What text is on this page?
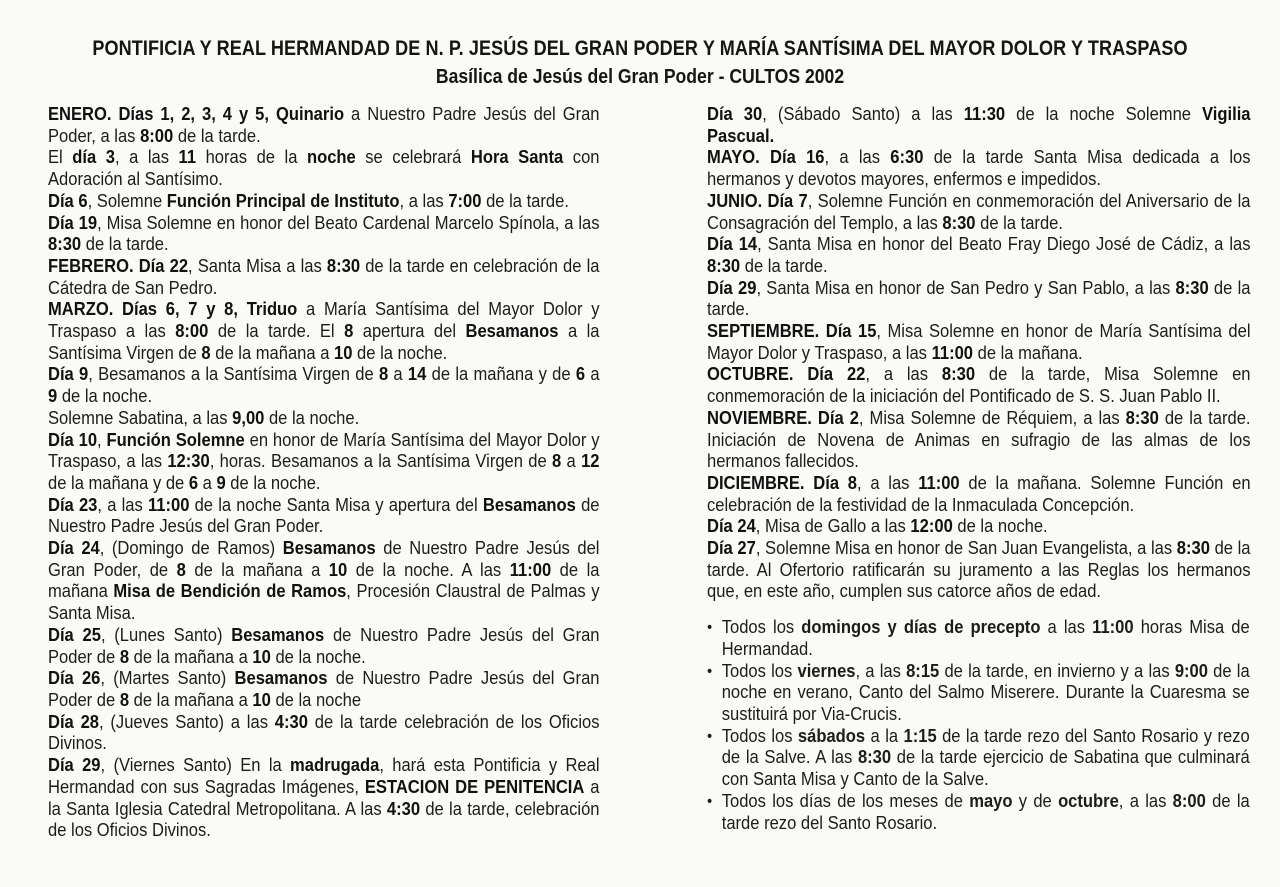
PONTIFICIA Y REAL HERMANDAD DE N. P. JESÚS DEL GRAN PODER Y MARÍA SANTÍSIMA DEL MAYOR DOLOR Y TRASPASO
Basílica de Jesús del Gran Poder - CULTOS 2002

ENERO. Días 1, 2, 3, 4 y 5, Quinario a Nuestro Padre Jesús del Gran Poder, a las 8:00 de la tarde.

El día 3, a las 11 horas de la noche se celebrará Hora Santa con Adoración al Santísimo.

Día 6, Solemne Función Principal de Instituto, a las 7:00 de la tarde.

Día 19, Misa Solemne en honor del Beato Cardenal Marcelo Spínola, a las 8:30 de la tarde.

FEBRERO. Día 22, Santa Misa a las 8:30 de la tarde en celebración de la Cátedra de San Pedro.

MARZO. Días 6, 7 y 8, Triduo a María Santísima del Mayor Dolor y Traspaso a las 8:00 de la tarde. El 8 apertura del Besamanos a la Santísima Virgen de 8 de la mañana a 10 de la noche.

Día 9, Besamanos a la Santísima Virgen de 8 a 14 de la mañana y de 6 a 9 de la noche.

Solemne Sabatina, a las 9,00 de la noche.

Día 10, Función Solemne en honor de María Santísima del Mayor Dolor y Traspaso, a las 12:30, horas. Besamanos a la Santísima Virgen de 8 a 12 de la mañana y de 6 a 9 de la noche.

Día 23, a las 11:00 de la noche Santa Misa y apertura del Besamanos de Nuestro Padre Jesús del Gran Poder.

Día 24, (Domingo de Ramos) Besamanos de Nuestro Padre Jesús del Gran Poder, de 8 de la mañana a 10 de la noche. A las 11:00 de la mañana Misa de Bendición de Ramos, Procesión Claustral de Palmas y Santa Misa.

Día 25, (Lunes Santo) Besamanos de Nuestro Padre Jesús del Gran Poder de 8 de la mañana a 10 de la noche.

Día 26, (Martes Santo) Besamanos de Nuestro Padre Jesús del Gran Poder de 8 de la mañana a 10 de la noche

Día 28, (Jueves Santo) a las 4:30 de la tarde celebración de los Oficios Divinos.

Día 29, (Viernes Santo) En la madrugada, hará esta Pontificia y Real Hermandad con sus Sagradas Imágenes, ESTACION DE PENITENCIA a la Santa Iglesia Catedral Metropolitana. A las 4:30 de la tarde, celebración de los Oficios Divinos.

Día 30, (Sábado Santo) a las 11:30 de la noche Solemne Vigilia Pascual.

MAYO. Día 16, a las 6:30 de la tarde Santa Misa dedicada a los hermanos y devotos mayores, enfermos e impedidos.

JUNIO. Día 7, Solemne Función en conmemoración del Aniversario de la Consagración del Templo, a las 8:30 de la tarde.

Día 14, Santa Misa en honor del Beato Fray Diego José de Cádiz, a las 8:30 de la tarde.

Día 29, Santa Misa en honor de San Pedro y San Pablo, a las 8:30 de la tarde.

SEPTIEMBRE. Día 15, Misa Solemne en honor de María Santísima del Mayor Dolor y Traspaso, a las 11:00 de la mañana.

OCTUBRE. Día 22, a las 8:30 de la tarde, Misa Solemne en conmemoración de la iniciación del Pontificado de S. S. Juan Pablo II.

NOVIEMBRE. Día 2, Misa Solemne de Réquiem, a las 8:30 de la tarde. Iniciación de Novena de Animas en sufragio de las almas de los hermanos fallecidos.

DICIEMBRE. Día 8, a las 11:00 de la mañana. Solemne Función en celebración de la festividad de la Inmaculada Concepción.

Día 24, Misa de Gallo a las 12:00 de la noche.

Día 27, Solemne Misa en honor de San Juan Evangelista, a las 8:30 de la tarde. Al Ofertorio ratificarán su juramento a las Reglas los hermanos que, en este año, cumplen sus catorce años de edad.

• Todos los domingos y días de precepto a las 11:00 horas Misa de Hermandad.

• Todos los viernes, a las 8:15 de la tarde, en invierno y a las 9:00 de la noche en verano, Canto del Salmo Miserere. Durante la Cuaresma se sustituirá por Via-Crucis.

• Todos los sábados a la 1:15 de la tarde rezo del Santo Rosario y rezo de la Salve. A las 8:30 de la tarde ejercicio de Sabatina que culminará con Santa Misa y Canto de la Salve.

• Todos los días de los meses de mayo y de octubre, a las 8:00 de la tarde rezo del Santo Rosario.
